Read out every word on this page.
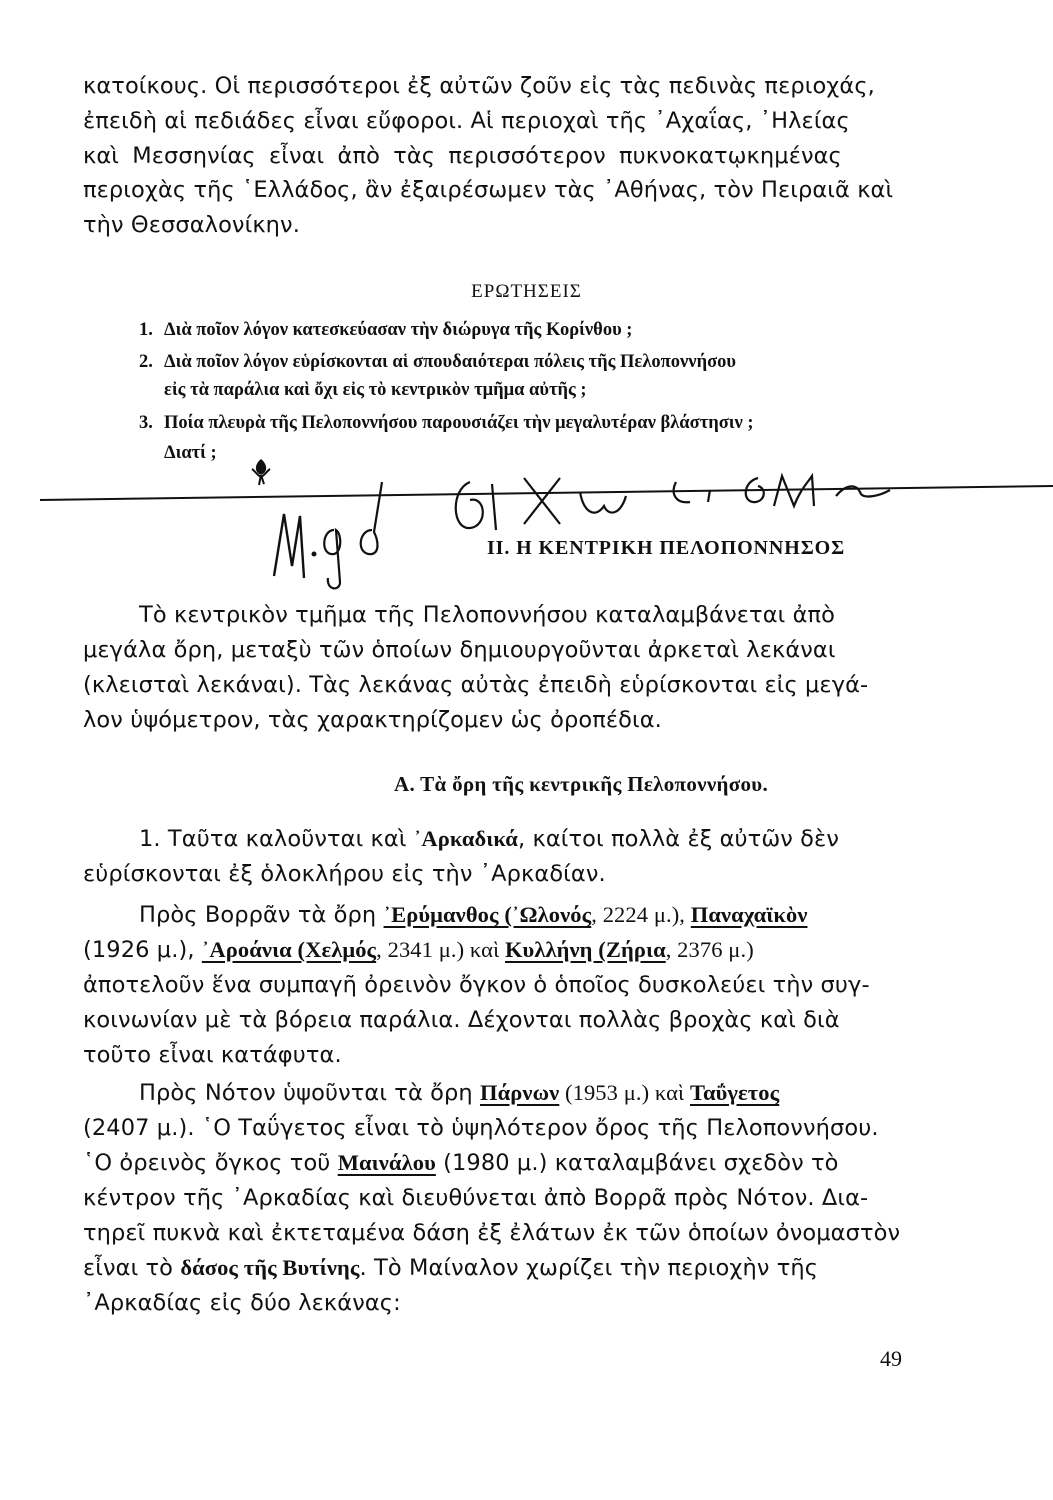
κατοίκους. Οἱ περισσότεροι ἐξ αὐτῶν ζοῦν εἰς τὰς πεδινὰς περιοχάς,
ἐπειδὴ αἱ πεδιάδες εἶναι εὔφοροι. Αἱ περιοχαὶ τῆς ᾿Αχαΐας, ᾿Ηλείας
καὶ Μεσσηνίας εἶναι ἀπὸ τὰς περισσότερον πυκνοκατῳκημένας
περιοχὰς τῆς ῾Ελλάδος, ἂν ἐξαιρέσωμεν τὰς ᾿Αθήνας, τὸν Πειραιᾶ καὶ
τὴν Θεσσαλονίκην.
ΕΡΩΤΗΣΕΙΣ
1. Διὰ ποῖον λόγον κατεσκεύασαν τὴν διώρυγα τῆς Κορίνθου ;
2. Διὰ ποῖον λόγον εὑρίσκονται αἱ σπουδαιότεραι πόλεις τῆς Πελοποννήσου
εἰς τὰ παράλια καὶ ὄχι εἰς τὸ κεντρικὸν τμῆμα αὐτῆς ;
3. Ποία πλευρὰ τῆς Πελοποννήσου παρουσιάζει τὴν μεγαλυτέραν βλάστησιν ;
Διατί ;
Μ. γιὰ διάγνωση
ΙΙ. Η ΚΕΝΤΡΙΚΗ ΠΕΛΟΠΟΝΝΗΣΟΣ
Τὸ κεντρικὸν τμῆμα τῆς Πελοποννήσου καταλαμβάνεται ἀπὸ
μεγάλα ὄρη, μεταξὺ τῶν ὁποίων δημιουργοῦνται ἀρκεταὶ λεκάναι
(κλεισταὶ λεκάναι). Τὰς λεκάνας αὐτὰς ἐπειδὴ εὑρίσκονται εἰς μεγά-
λον ὑψόμετρον, τὰς χαρακτηρίζομεν ὡς ὀροπέδια.
Α. Τὰ ὄρη τῆς κεντρικῆς Πελοποννήσου.
1. Ταῦτα καλοῦνται καὶ ᾿Αρκαδικά, καίτοι πολλὰ ἐξ αὐτῶν δὲν
εὑρίσκονται ἐξ ὁλοκλήρου εἰς τὴν ᾿Αρκαδίαν.
Πρὸς Βορρᾶν τὰ ὄρη ᾿Ερύμανθος (᾿Ωλονός, 2224 μ.), Παναχαϊκὸν
(1926 μ.), ᾿Αροάνια (Χελμός, 2341 μ.) καὶ Κυλλήνη (Ζήρια, 2376 μ.)
ἀποτελοῦν ἕνα συμπαγῆ ὀρεινὸν ὄγκον ὁ ὁποῖος δυσκολεύει τὴν συγ-
κοινωνίαν μὲ τὰ βόρεια παράλια. Δέχονται πολλὰς βροχὰς καὶ διὰ
τοῦτο εἶναι κατάφυτα.
Πρὸς Νότον ὑψοῦνται τὰ ὄρη Πάρνων (1953 μ.) καὶ Ταΰγετος
(2407 μ.). ῾Ο Ταΰγετος εἶναι τὸ ὑψηλότερον ὄρος τῆς Πελοποννήσου.
῾Ο ὀρεινὸς ὄγκος τοῦ Μαινάλου (1980 μ.) καταλαμβάνει σχεδὸν τὸ
κέντρον τῆς ᾿Αρκαδίας καὶ διευθύνεται ἀπὸ Βορρᾶ πρὸς Νότον. Δια-
τηρεῖ πυκνὰ καὶ ἐκτεταμένα δάση ἐξ ἐλάτων ἐκ τῶν ὁποίων ὀνομαστὸν
εἶναι τὸ δάσος τῆς Βυτίνης. Τὸ Μαίναλον χωρίζει τὴν περιοχὴν τῆς
᾿Αρκαδίας εἰς δύο λεκάνας:
49
